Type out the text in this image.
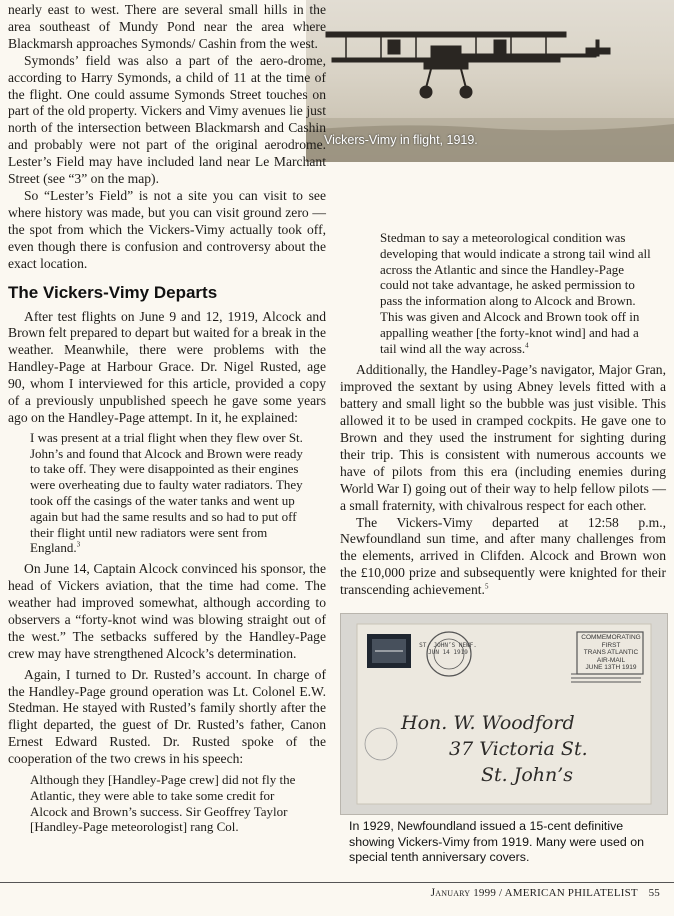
Vickers-Vimy in flight, 1919.

nearly east to west. There are several small hills in the area southeast of Mundy Pond near the area where Blackmarsh approaches Symonds/ Cashin from the west.

Symonds’ field was also a part of the aero-drome, according to Harry Symonds, a child of 11 at the time of the flight. One could assume Symonds Street touches on part of the old property. Vickers and Vimy avenues lie just north of the intersection between Blackmarsh and Cashin and probably were not part of the original aerodrome. Lester’s Field may have included land near Le Marchant Street (see “3” on the map).

So “Lester’s Field” is not a site you can visit to see where history was made, but you can visit ground zero — the spot from which the Vickers-Vimy actually took off, even though there is confusion and controversy about the exact location.

The Vickers-Vimy Departs

After test flights on June 9 and 12, 1919, Alcock and Brown felt prepared to depart but waited for a break in the weather. Meanwhile, there were problems with the Handley-Page at Harbour Grace. Dr. Nigel Rusted, age 90, whom I interviewed for this article, provided a copy of a previously unpublished speech he gave some years ago on the Handley-Page attempt. In it, he explained:

I was present at a trial flight when they flew over St. John’s and found that Alcock and Brown were ready to take off. They were disappointed as their engines were overheating due to faulty water radiators. They took off the casings of the water tanks and went up again but had the same results and so had to put off their flight until new radiators were sent from England.$^3$

On June 14, Captain Alcock convinced his sponsor, the head of Vickers aviation, that the time had come. The weather had improved somewhat, although according to observers a “forty-knot wind was blowing straight out of the west.” The setbacks suffered by the Handley-Page crew may have strengthened Alcock’s determination.

Again, I turned to Dr. Rusted’s account. In charge of the Handley-Page ground operation was Lt. Colonel E.W. Stedman. He stayed with Rusted’s family shortly after the flight departed, the guest of Dr. Rusted’s father, Canon Ernest Edward Rusted. Dr. Rusted spoke of the cooperation of the two crews in his speech:

Although they [Handley-Page crew] did not fly the Atlantic, they were able to take some credit for Alcock and Brown’s success. Sir Geoffrey Taylor [Handley-Page meteorologist] rang Col.
Stedman to say a meteorological condition was developing that would indicate a strong tail wind all across the Atlantic and since the Handley-Page could not take advantage, he asked permission to pass the information along to Alcock and Brown. This was given and Alcock and Brown took off in appalling weather [the forty-knot wind] and had a tail wind all the way across.$^4$

Additionally, the Handley-Page’s navigator, Major Gran, improved the sextant by using Abney levels fitted with a battery and small light so the bubble was just visible. This allowed it to be used in cramped cockpits. He gave one to Brown and they used the instrument for sighting during their trip. This is consistent with numerous accounts we have of pilots from this era (including enemies during World War I) going out of their way to help fellow pilots — a small fraternity, with chivalrous respect for each other.

The Vickers-Vimy departed at 12:58 p.m., Newfoundland sun time, and after many challenges from the elements, arrived in Clifden. Alcock and Brown won the £10,000 prize and subsequently were knighted for their transcending achievement.$^5$

ST. JOHN’S NEWF. JUN 14 1919
COMMEMORATING
FIRST
TRANS ATLANTIC
AIR-MAIL
JUNE 13TH 1919
Hon. W. Woodford
37 Victoria St.
St. John’s
In 1929, Newfoundland issued a 15-cent definitive showing Vickers-Vimy from 1919. Many were used on special tenth anniversary covers.
January 1999 / AMERICAN PHILATELIST 55
